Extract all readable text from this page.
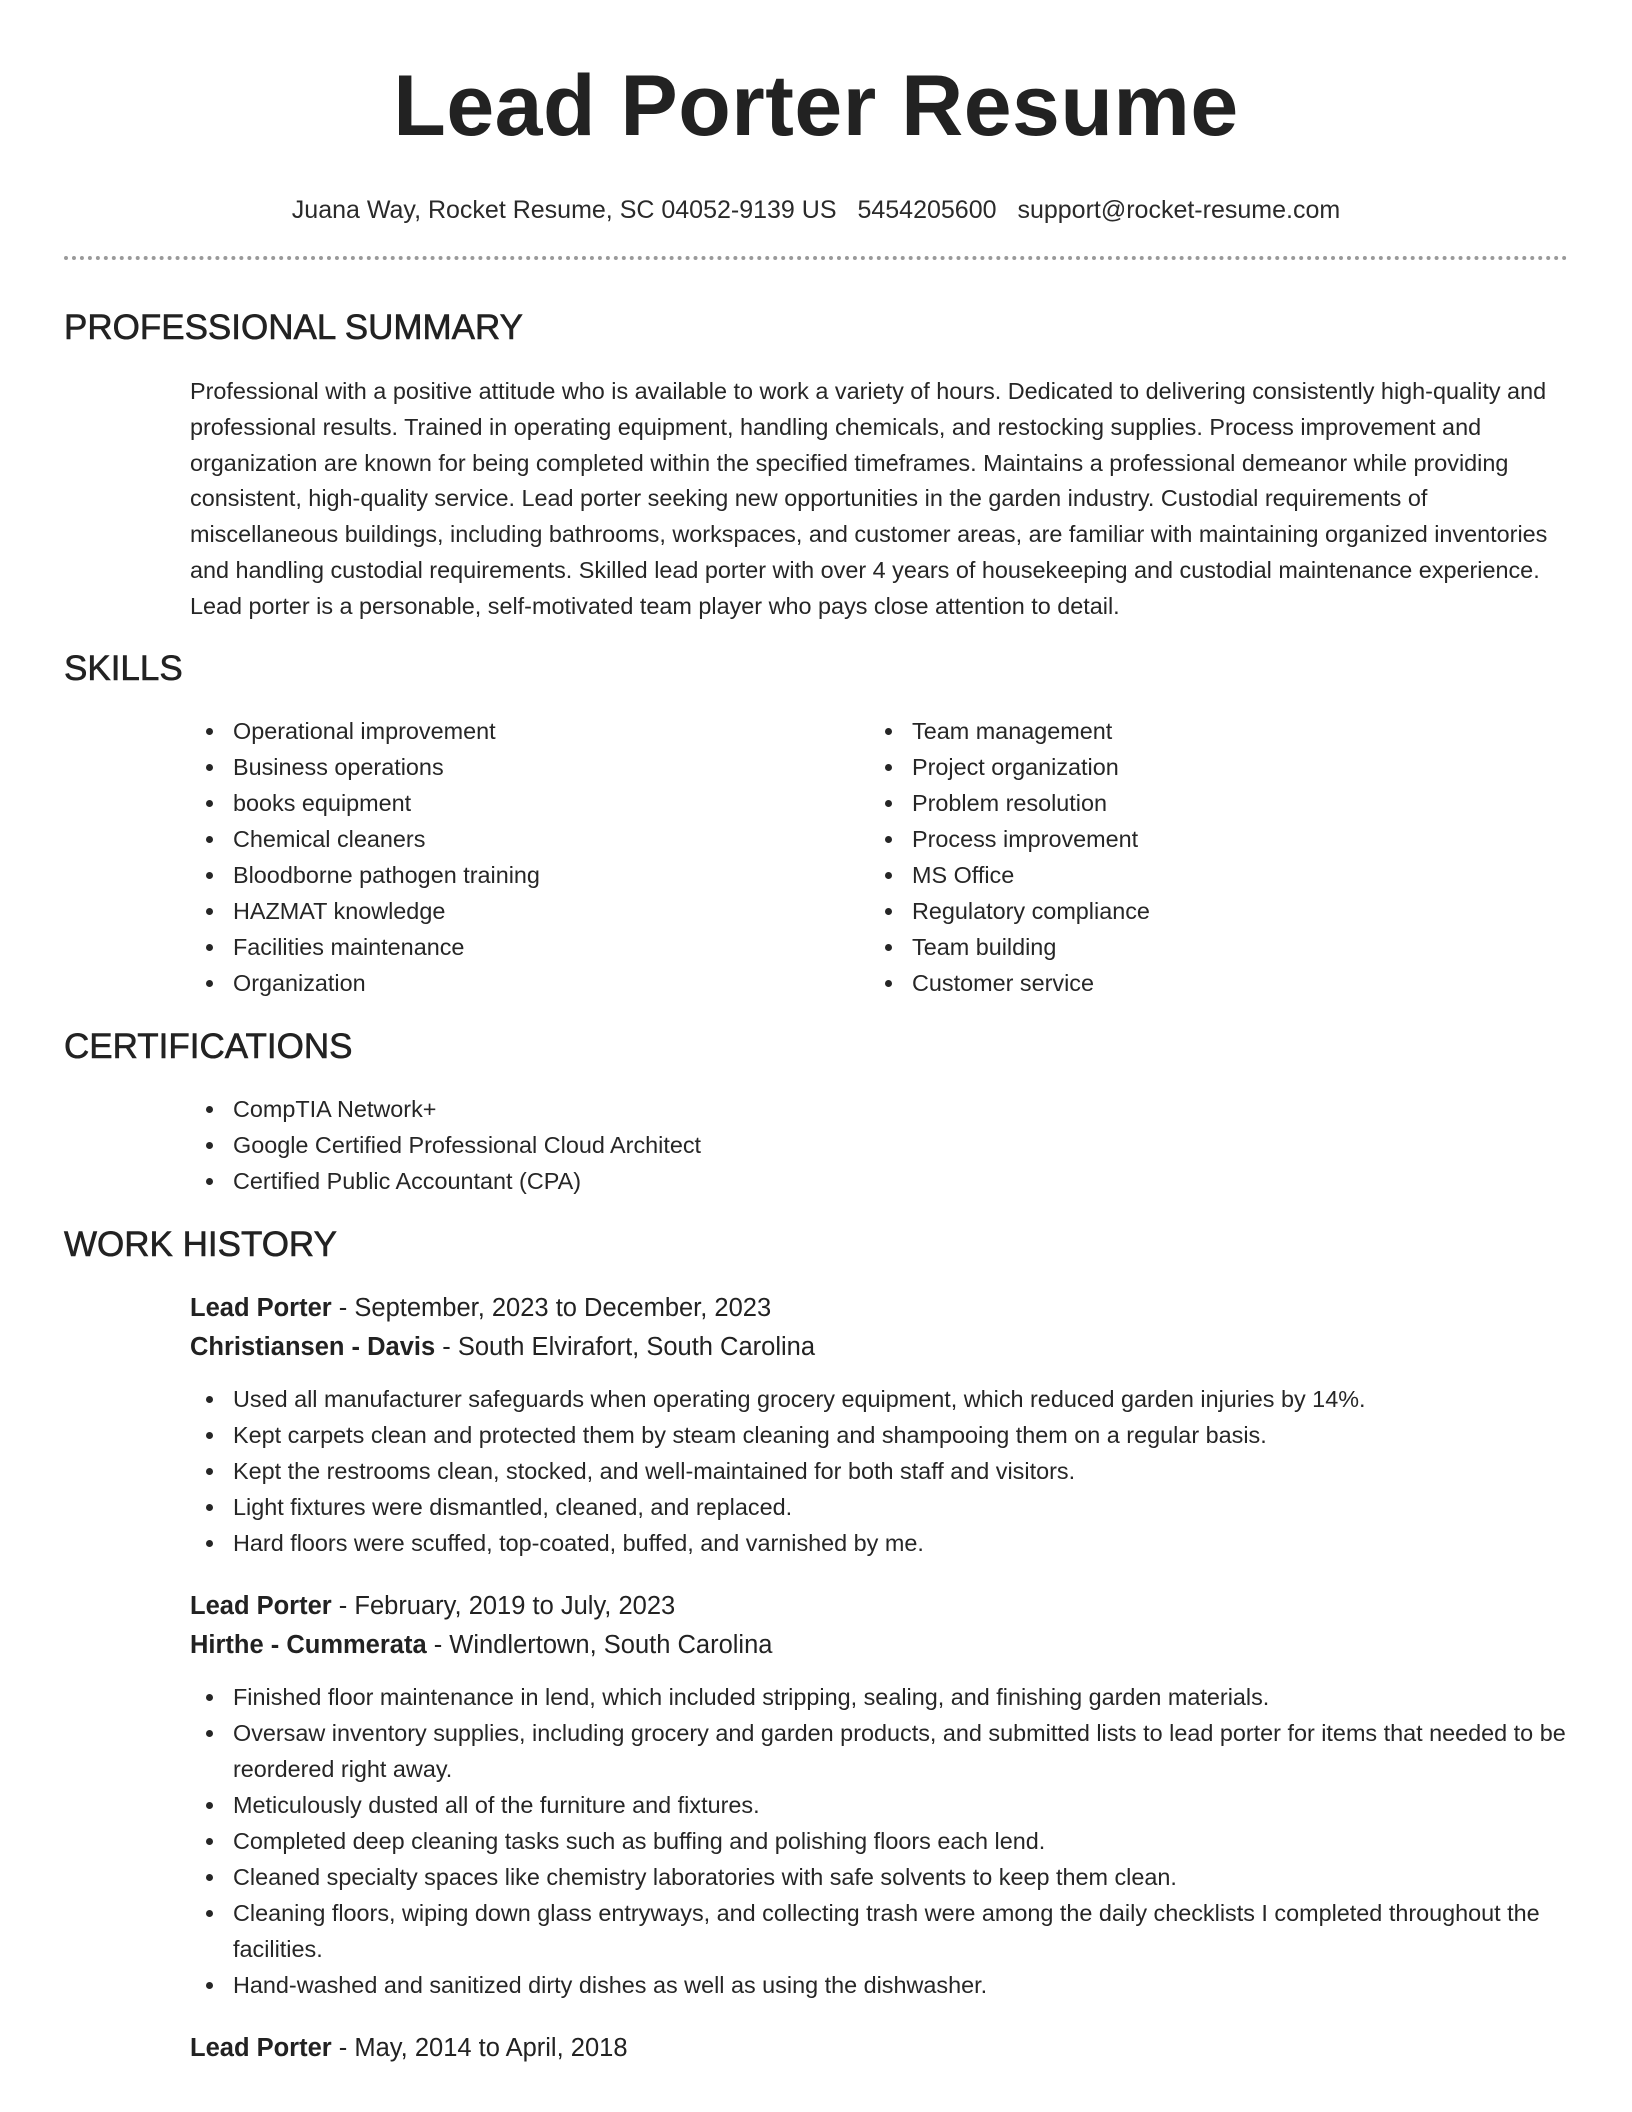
Lead Porter Resume
Juana Way, Rocket Resume, SC 04052-9139 US 5454205600 support@rocket-resume.com
PROFESSIONAL SUMMARY

Professional with a positive attitude who is available to work a variety of hours. Dedicated to delivering consistently high-quality and professional results. Trained in operating equipment, handling chemicals, and restocking supplies. Process improvement and organization are known for being completed within the specified timeframes. Maintains a professional demeanor while providing consistent, high-quality service. Lead porter seeking new opportunities in the garden industry. Custodial requirements of miscellaneous buildings, including bathrooms, workspaces, and customer areas, are familiar with maintaining organized inventories and handling custodial requirements. Skilled lead porter with over 4 years of housekeeping and custodial maintenance experience. Lead porter is a personable, self-motivated team player who pays close attention to detail.

SKILLS
Operational improvement
Business operations
books equipment
Chemical cleaners
Bloodborne pathogen training
HAZMAT knowledge
Facilities maintenance
Organization
Team management
Project organization
Problem resolution
Process improvement
MS Office
Regulatory compliance
Team building
Customer service
CERTIFICATIONS
CompTIA Network+
Google Certified Professional Cloud Architect
Certified Public Accountant (CPA)
WORK HISTORY
Lead Porter - September, 2023 to December, 2023
Christiansen - Davis - South Elvirafort, South Carolina
Used all manufacturer safeguards when operating grocery equipment, which reduced garden injuries by 14%.
Kept carpets clean and protected them by steam cleaning and shampooing them on a regular basis.
Kept the restrooms clean, stocked, and well-maintained for both staff and visitors.
Light fixtures were dismantled, cleaned, and replaced.
Hard floors were scuffed, top-coated, buffed, and varnished by me.
Lead Porter - February, 2019 to July, 2023
Hirthe - Cummerata - Windlertown, South Carolina
Finished floor maintenance in lend, which included stripping, sealing, and finishing garden materials.
Oversaw inventory supplies, including grocery and garden products, and submitted lists to lead porter for items that needed to be reordered right away.
Meticulously dusted all of the furniture and fixtures.
Completed deep cleaning tasks such as buffing and polishing floors each lend.
Cleaned specialty spaces like chemistry laboratories with safe solvents to keep them clean.
Cleaning floors, wiping down glass entryways, and collecting trash were among the daily checklists I completed throughout the facilities.
Hand-washed and sanitized dirty dishes as well as using the dishwasher.
Lead Porter - May, 2014 to April, 2018
